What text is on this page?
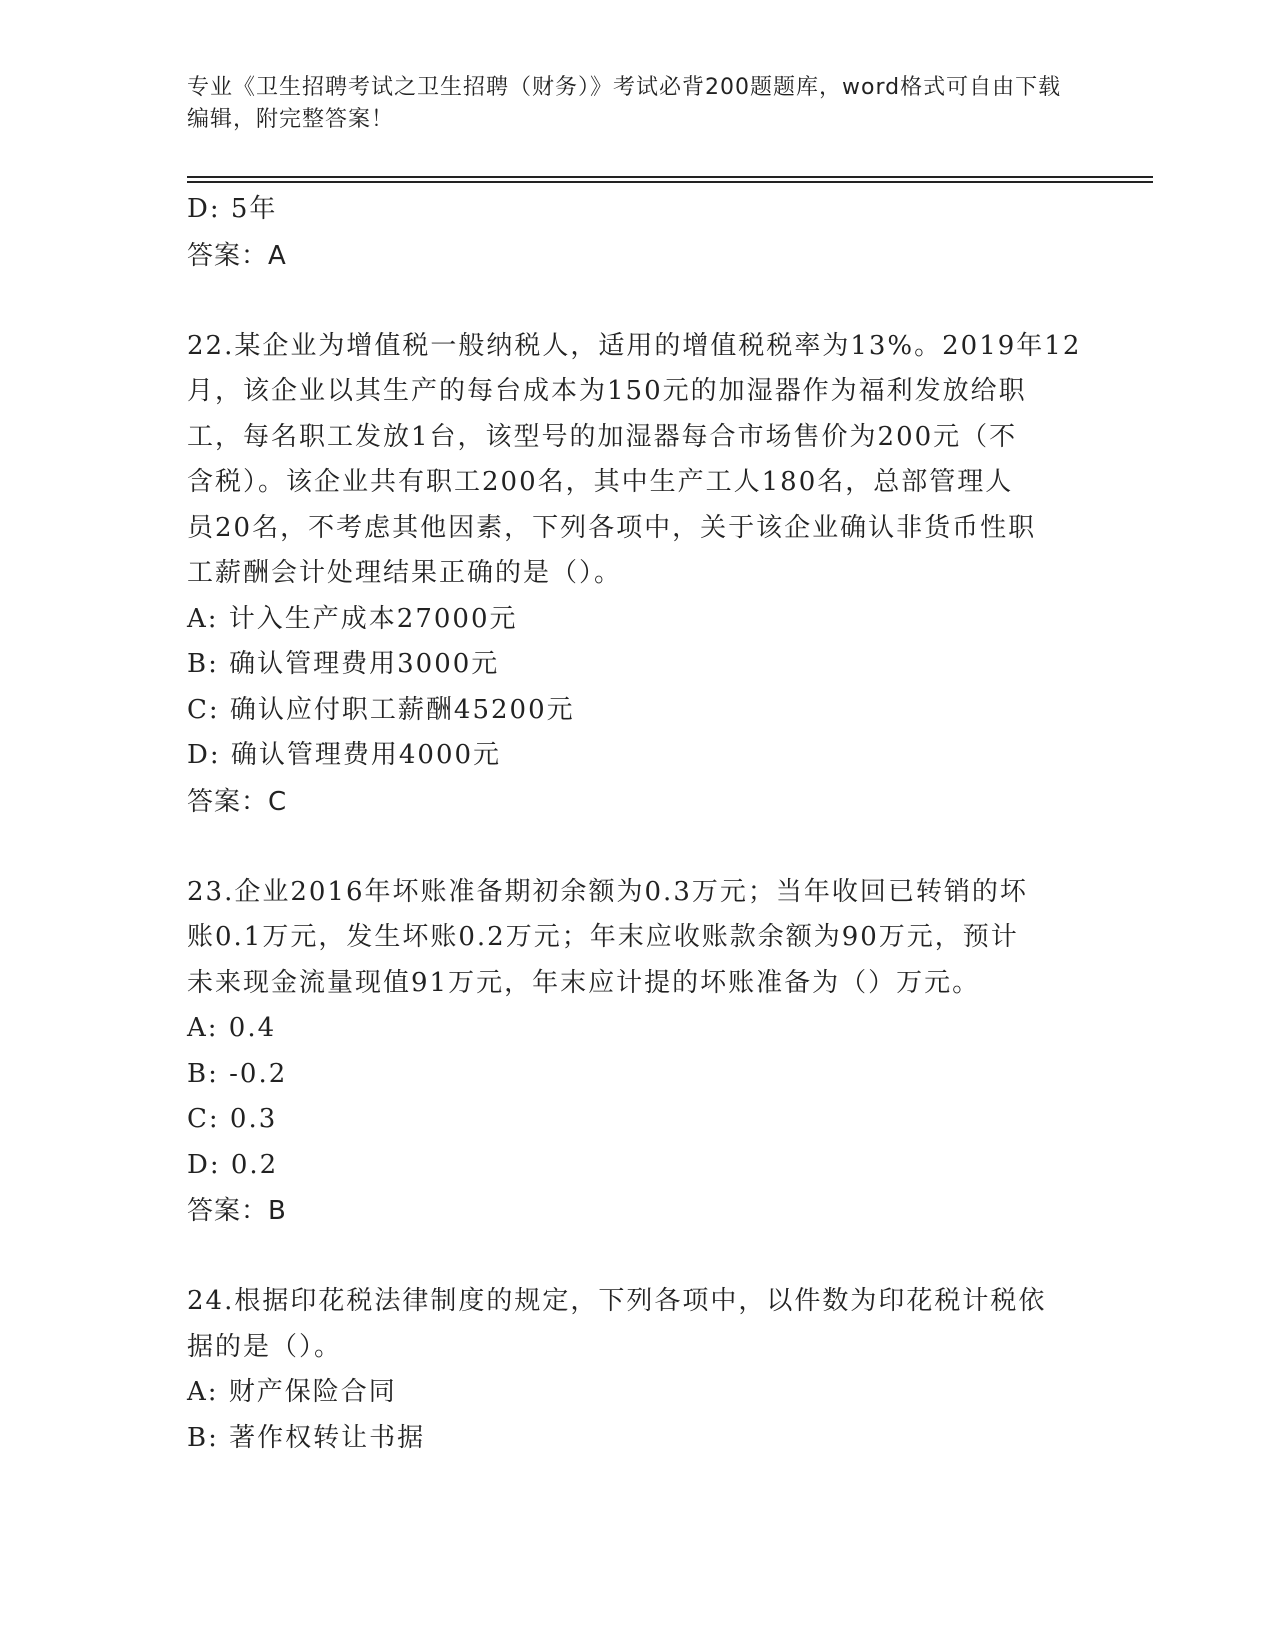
专业《卫生招聘考试之卫生招聘（财务）》考试必背200题题库，word格式可自由下载编辑，附完整答案！
D: 5年
答案：A
22.某企业为增值税一般纳税人，适用的增值税税率为13%。2019年12
月，该企业以其生产的每台成本为150元的加湿器作为福利发放给职
工，每名职工发放1台，该型号的加湿器每合市场售价为200元（不
含税）。该企业共有职工200名，其中生产工人180名，总部管理人
员20名，不考虑其他因素，下列各项中，关于该企业确认非货币性职
工薪酬会计处理结果正确的是（）。
A: 计入生产成本27000元
B: 确认管理费用3000元
C: 确认应付职工薪酬45200元
D: 确认管理费用4000元
答案：C
23.企业2016年坏账准备期初余额为0.3万元；当年收回已转销的坏
账0.1万元，发生坏账0.2万元；年末应收账款余额为90万元，预计
未来现金流量现值91万元，年末应计提的坏账准备为（）万元。
A: 0.4
B: -0.2
C: 0.3
D: 0.2
答案：B
24.根据印花税法律制度的规定，下列各项中，以件数为印花税计税依
据的是（）。
A: 财产保险合同
B: 著作权转让书据
